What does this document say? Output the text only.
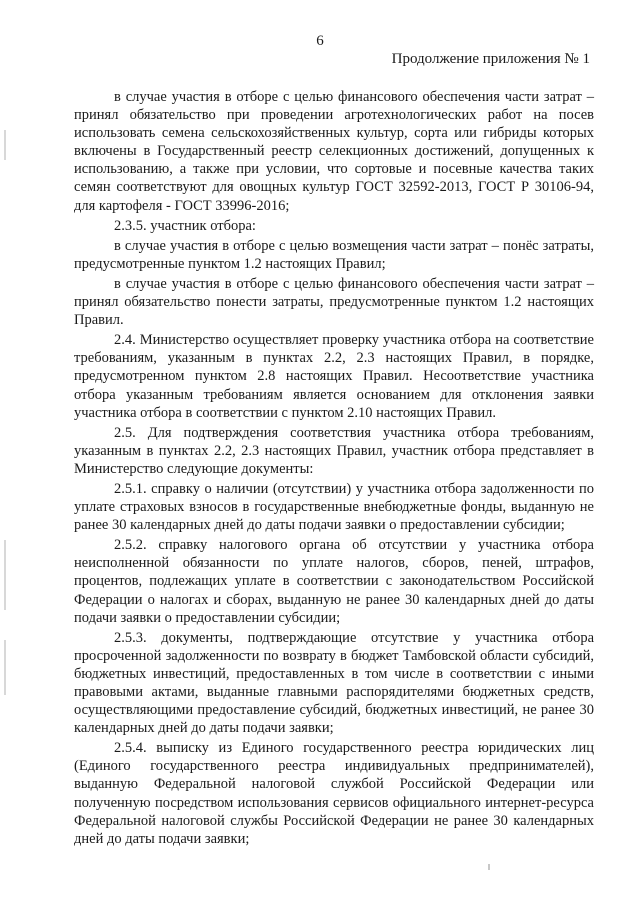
6
Продолжение приложения № 1

в случае участия в отборе с целью финансового обеспечения части затрат – принял обязательство при проведении агротехнологических работ на посев использовать семена сельскохозяйственных культур, сорта или гибриды которых включены в Государственный реестр селекционных достижений, допущенных к использованию, а также при условии, что сортовые и посевные качества таких семян соответствуют для овощных культур ГОСТ 32592-2013, ГОСТ Р 30106-94, для картофеля - ГОСТ 33996-2016;

2.3.5. участник отбора:

в случае участия в отборе с целью возмещения части затрат – понёс затраты, предусмотренные пунктом 1.2 настоящих Правил;

в случае участия в отборе с целью финансового обеспечения части затрат – принял обязательство понести затраты, предусмотренные пунктом 1.2 настоящих Правил.

2.4. Министерство осуществляет проверку участника отбора на соответствие требованиям, указанным в пунктах 2.2, 2.3 настоящих Правил, в порядке, предусмотренном пунктом 2.8 настоящих Правил. Несоответствие участника отбора указанным требованиям является основанием для отклонения заявки участника отбора в соответствии с пунктом 2.10 настоящих Правил.

2.5. Для подтверждения соответствия участника отбора требованиям, указанным в пунктах 2.2, 2.3 настоящих Правил, участник отбора представляет в Министерство следующие документы:

2.5.1. справку о наличии (отсутствии) у участника отбора задолженности по уплате страховых взносов в государственные внебюджетные фонды, выданную не ранее 30 календарных дней до даты подачи заявки о предоставлении субсидии;

2.5.2. справку налогового органа об отсутствии у участника отбора неисполненной обязанности по уплате налогов, сборов, пеней, штрафов, процентов, подлежащих уплате в соответствии с законодательством Российской Федерации о налогах и сборах, выданную не ранее 30 календарных дней до даты подачи заявки о предоставлении субсидии;

2.5.3. документы, подтверждающие отсутствие у участника отбора просроченной задолженности по возврату в бюджет Тамбовской области субсидий, бюджетных инвестиций, предоставленных в том числе в соответствии с иными правовыми актами, выданные главными распорядителями бюджетных средств, осуществляющими предоставление субсидий, бюджетных инвестиций, не ранее 30 календарных дней до даты подачи заявки;

2.5.4. выписку из Единого государственного реестра юридических лиц (Единого государственного реестра индивидуальных предпринимателей), выданную Федеральной налоговой службой Российской Федерации или полученную посредством использования сервисов официального интернет-ресурса Федеральной налоговой службы Российской Федерации не ранее 30 календарных дней до даты подачи заявки;
